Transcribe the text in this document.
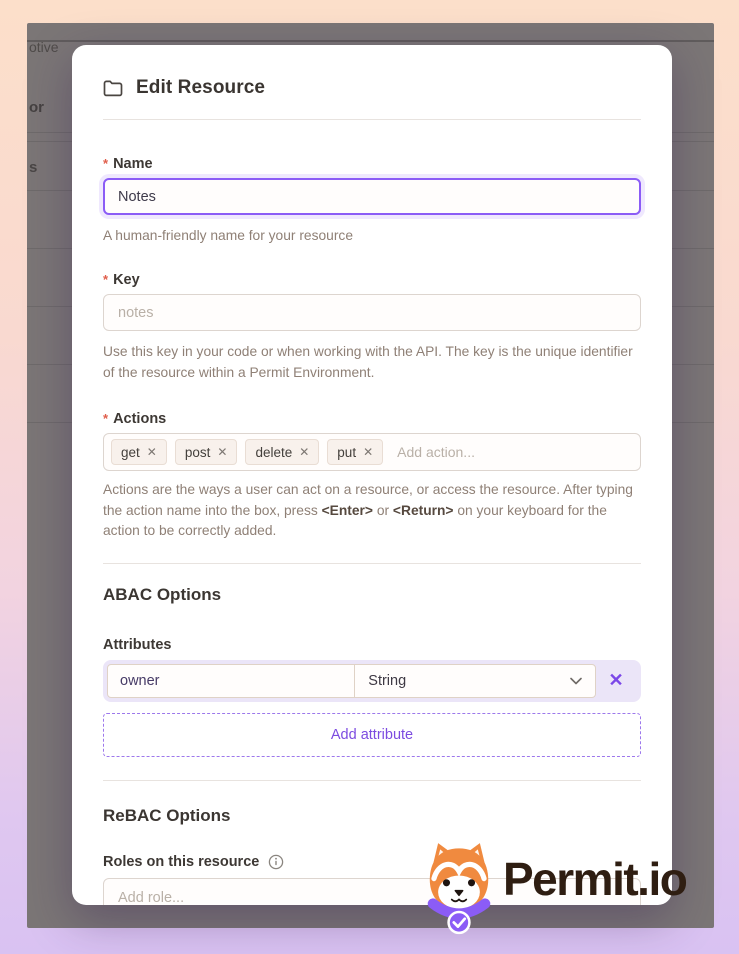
otive
or
s
Edit Resource
* Name
Notes
A human-friendly name for your resource
* Key
notes
Use this key in your code or when working with the API. The key is the unique identifier of the resource within a Permit Environment.
* Actions
get ✕ post ✕ delete ✕ put ✕ Add action...
Actions are the ways a user can act on a resource, or access the resource. After typing the action name into the box, press <Enter> or <Return> on your keyboard for the action to be correctly added.
ABAC Options
Attributes
owner
String	✕
Add attribute
ReBAC Options
Roles on this resource
Add role...	Permit.io
